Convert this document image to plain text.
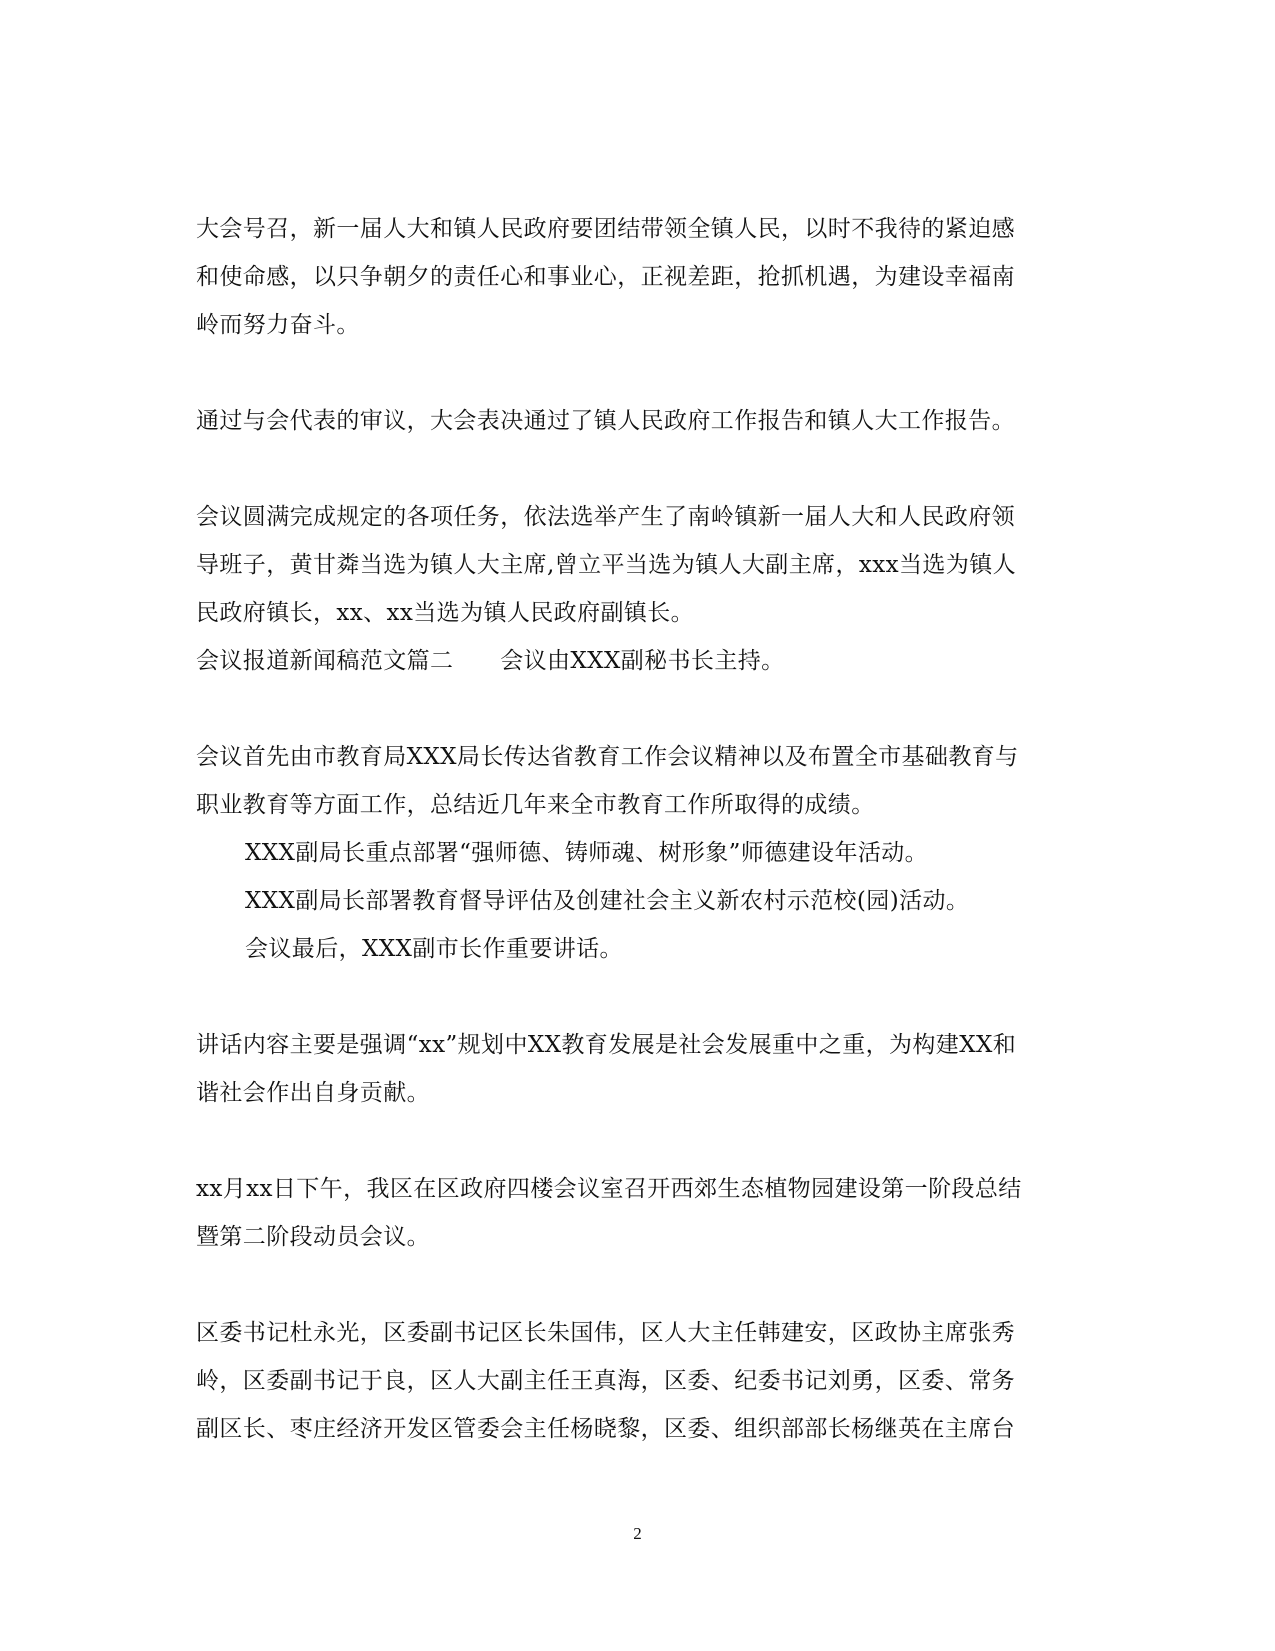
大会号召，新一届人大和镇人民政府要团结带领全镇人民，以时不我待的紧迫感
和使命感，以只争朝夕的责任心和事业心，正视差距，抢抓机遇，为建设幸福南
岭而努力奋斗。

通过与会代表的审议，大会表决通过了镇人民政府工作报告和镇人大工作报告。

会议圆满完成规定的各项任务，依法选举产生了南岭镇新一届人大和人民政府领
导班子，黄甘粦当选为镇人大主席,曾立平当选为镇人大副主席，xxx当选为镇人
民政府镇长，xx、xx当选为镇人民政府副镇长。
会议报道新闻稿范文篇二　　会议由XXX副秘书长主持。

会议首先由市教育局XXX局长传达省教育工作会议精神以及布置全市基础教育与
职业教育等方面工作，总结近几年来全市教育工作所取得的成绩。
XXX副局长重点部署“强师德、铸师魂、树形象”师德建设年活动。
XXX副局长部署教育督导评估及创建社会主义新农村示范校(园)活动。
会议最后，XXX副市长作重要讲话。

讲话内容主要是强调“xx”规划中XX教育发展是社会发展重中之重，为构建XX和
谐社会作出自身贡献。

xx月xx日下午，我区在区政府四楼会议室召开西郊生态植物园建设第一阶段总结
暨第二阶段动员会议。

区委书记杜永光，区委副书记区长朱国伟，区人大主任韩建安，区政协主席张秀
岭，区委副书记于良，区人大副主任王真海，区委、纪委书记刘勇，区委、常务
副区长、枣庄经济开发区管委会主任杨晓黎，区委、组织部部长杨继英在主席台

2
